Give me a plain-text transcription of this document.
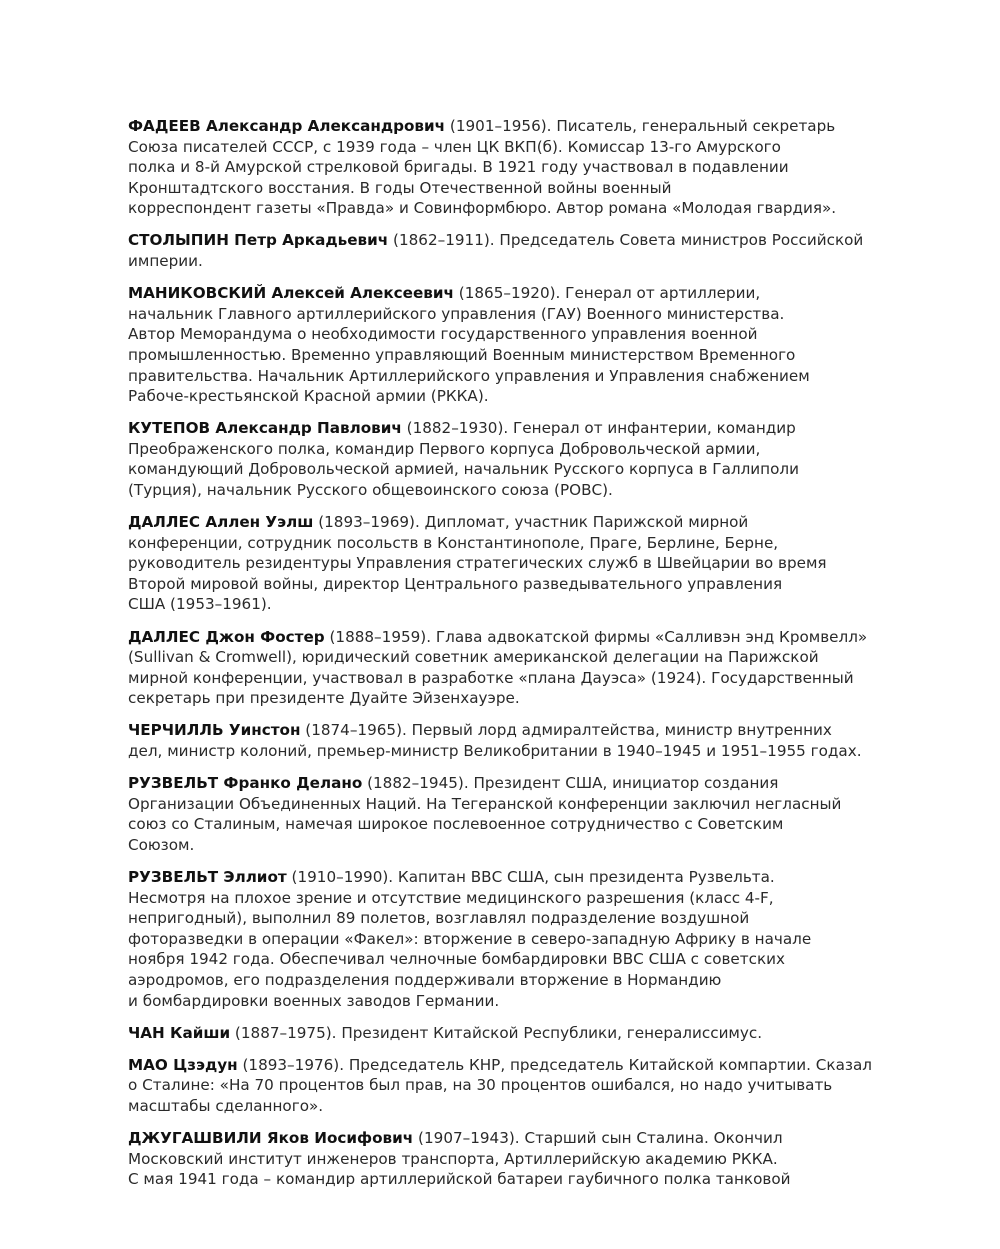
ФАДЕЕВ Александр Александрович (1901–1956). Писатель, генеральный секретарь
Союза писателей СССР, с 1939 года – член ЦК ВКП(б). Комиссар 13-го Амурского
полка и 8-й Амурской стрелковой бригады. В 1921 году участвовал в подавлении
Кронштадтского восстания. В годы Отечественной войны военный
корреспондент газеты «Правда» и Совинформбюро. Автор романа «Молодая гвардия».
СТОЛЫПИН Петр Аркадьевич (1862–1911). Председатель Совета министров Российской
империи.
МАНИКОВСКИЙ Алексей Алексеевич (1865–1920). Генерал от артиллерии,
начальник Главного артиллерийского управления (ГАУ) Военного министерства.
Автор Меморандума о необходимости государственного управления военной
промышленностью. Временно управляющий Военным министерством Временного
правительства. Начальник Артиллерийского управления и Управления снабжением
Рабоче-крестьянской Красной армии (РККА).
КУТЕПОВ Александр Павлович (1882–1930). Генерал от инфантерии, командир
Преображенского полка, командир Первого корпуса Добровольческой армии,
командующий Добровольческой армией, начальник Русского корпуса в Галлиполи
(Турция), начальник Русского общевоинского союза (РОВС).
ДАЛЛЕС Аллен Уэлш (1893–1969). Дипломат, участник Парижской мирной
конференции, сотрудник посольств в Константинополе, Праге, Берлине, Берне,
руководитель резидентуры Управления стратегических служб в Швейцарии во время
Второй мировой войны, директор Центрального разведывательного управления
США (1953–1961).
ДАЛЛЕС Джон Фостер (1888–1959). Глава адвокатской фирмы «Салливэн энд Кромвелл»
(Sullivan & Cromwell), юридический советник американской делегации на Парижской
мирной конференции, участвовал в разработке «плана Дауэса» (1924). Государственный
секретарь при президенте Дуайте Эйзенхауэре.
ЧЕРЧИЛЛЬ Уинстон (1874–1965). Первый лорд адмиралтейства, министр внутренних
дел, министр колоний, премьер-министр Великобритании в 1940–1945 и 1951–1955 годах.
РУЗВЕЛЬТ Франко Делано (1882–1945). Президент США, инициатор создания
Организации Объединенных Наций. На Тегеранской конференции заключил негласный
союз со Сталиным, намечая широкое послевоенное сотрудничество с Советским
Союзом.
РУЗВЕЛЬТ Эллиот (1910–1990). Капитан ВВС США, сын президента Рузвельта.
Несмотря на плохое зрение и отсутствие медицинского разрешения (класс 4-F,
непригодный), выполнил 89 полетов, возглавлял подразделение воздушной
фоторазведки в операции «Факел»: вторжение в северо-западную Африку в начале
ноября 1942 года. Обеспечивал челночные бомбардировки ВВС США с советских
аэродромов, его подразделения поддерживали вторжение в Нормандию
и бомбардировки военных заводов Германии.
ЧАН Кайши (1887–1975). Президент Китайской Республики, генералиссимус.
МАО Цзэдун (1893–1976). Председатель КНР, председатель Китайской компартии. Сказал
о Сталине: «На 70 процентов был прав, на 30 процентов ошибался, но надо учитывать
масштабы сделанного».
ДЖУГАШВИЛИ Яков Иосифович (1907–1943). Старший сын Сталина. Окончил
Московский институт инженеров транспорта, Артиллерийскую академию РККА.
С мая 1941 года – командир артиллерийской батареи гаубичного полка танковой
